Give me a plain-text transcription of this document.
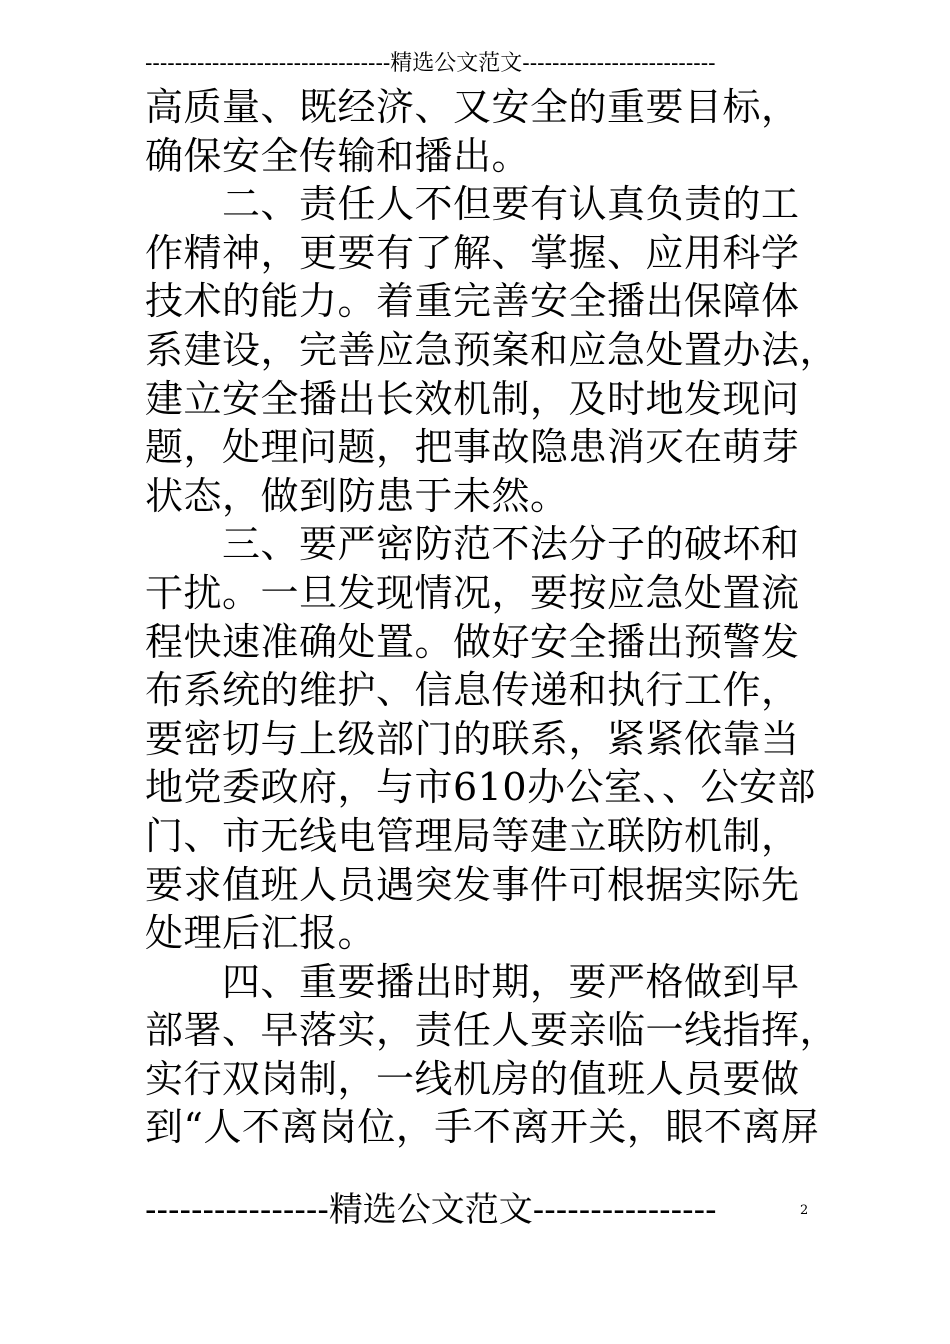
---------------------------------精选公文范文--------------------------
高质量、既经济、又安全的重要目标，
确保安全传输和播出。
　　二、责任人不但要有认真负责的工
作精神，更要有了解、掌握、应用科学
技术的能力。着重完善安全播出保障体
系建设，完善应急预案和应急处置办法，
建立安全播出长效机制，及时地发现问
题，处理问题，把事故隐患消灭在萌芽
状态，做到防患于未然。
　　三、要严密防范不法分子的破坏和
干扰。一旦发现情况，要按应急处置流
程快速准确处置。做好安全播出预警发
布系统的维护、信息传递和执行工作，
要密切与上级部门的联系，紧紧依靠当
地党委政府，与市610办公室、、公安部
门、市无线电管理局等建立联防机制，
要求值班人员遇突发事件可根据实际先
处理后汇报。
　　四、重要播出时期，要严格做到早
部署、早落实，责任人要亲临一线指挥，
实行双岗制，一线机房的值班人员要做
到“人不离岗位，手不离开关，眼不离屏
----------------精选公文范文----------------	2
